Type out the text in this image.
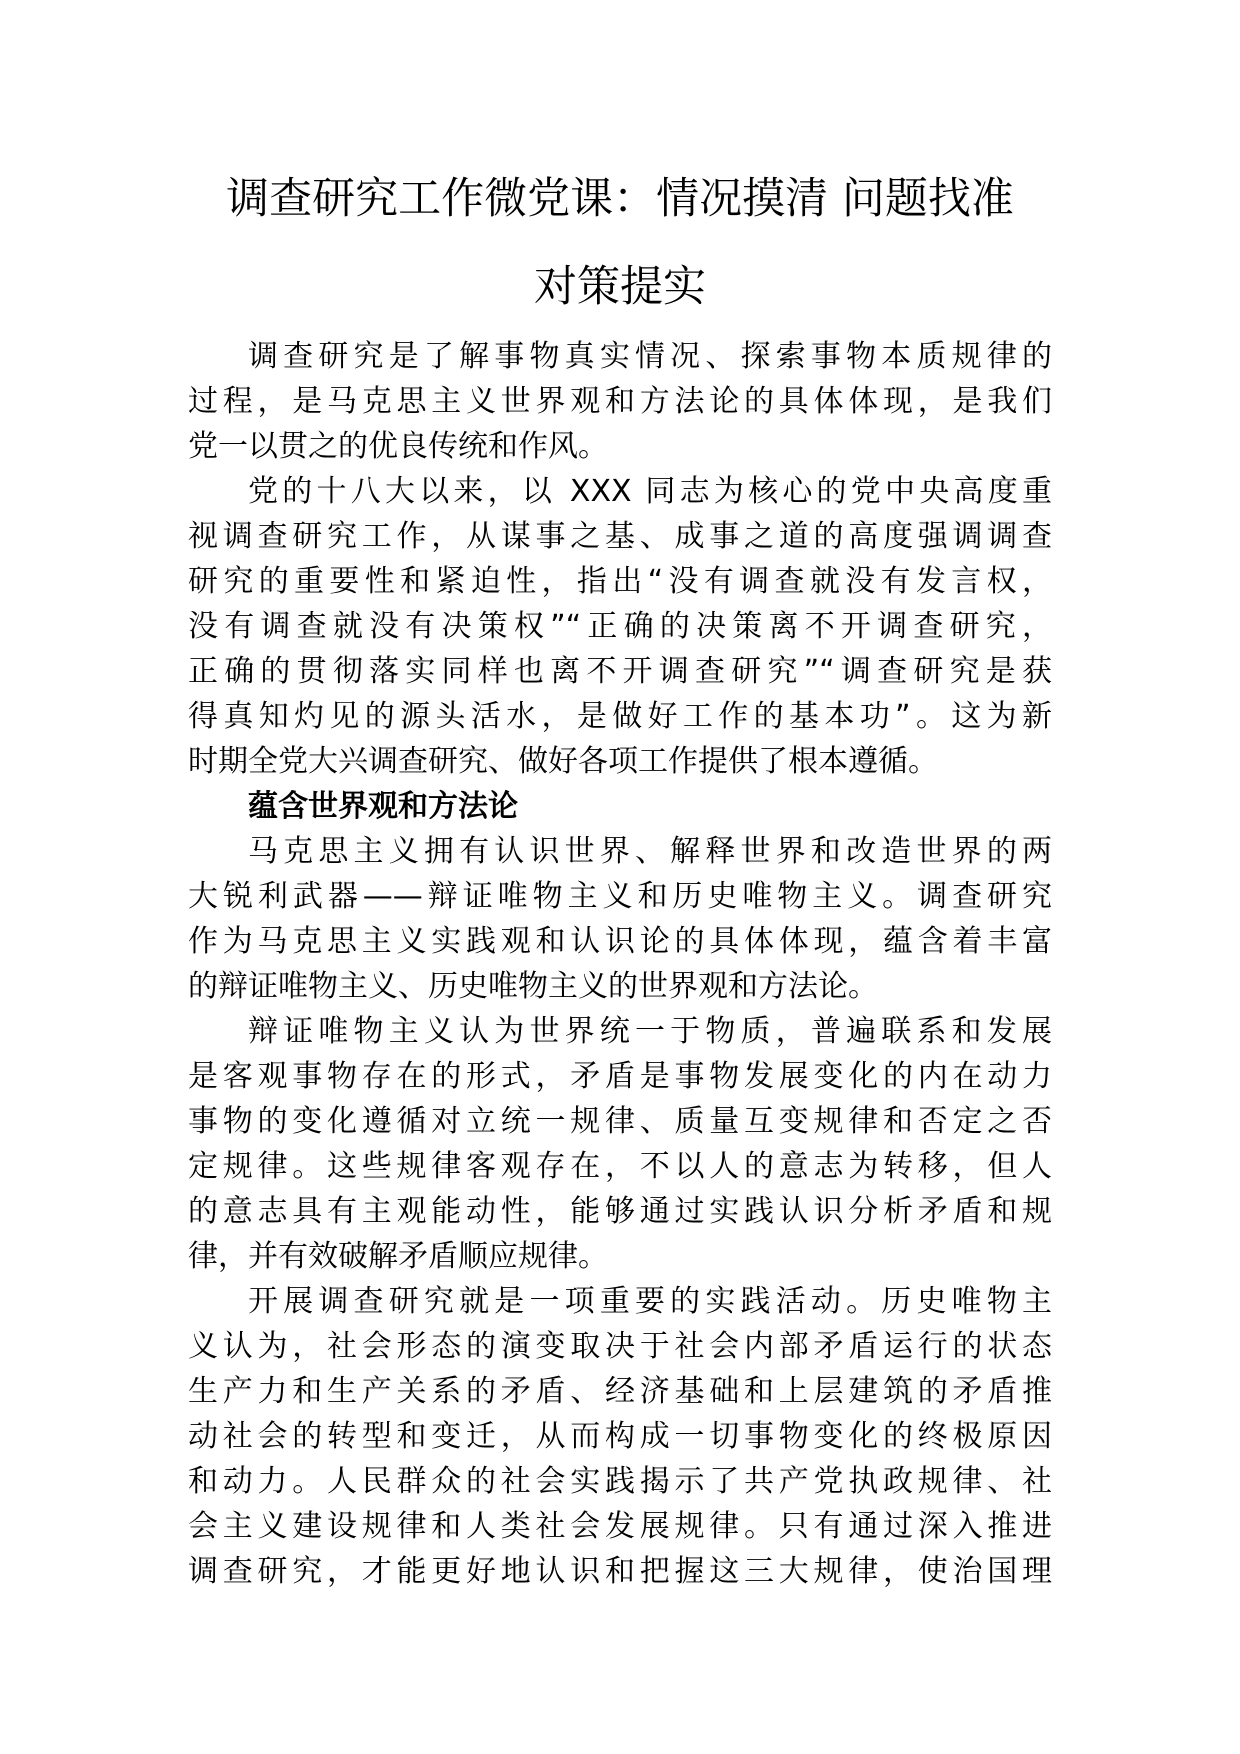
调查研究工作微党课：情况摸清 问题找准
对策提实
调查研究是了解事物真实情况、探索事物本质规律的
过程，是马克思主义世界观和方法论的具体体现，是我们
党一以贯之的优良传统和作风。
党的十八大以来，以 XXX 同志为核心的党中央高度重
视调查研究工作，从谋事之基、成事之道的高度强调调查
研究的重要性和紧迫性，指出“没有调查就没有发言权，
没有调查就没有决策权”“正确的决策离不开调查研究，
正确的贯彻落实同样也离不开调查研究”“调查研究是获
得真知灼见的源头活水，是做好工作的基本功”。这为新
时期全党大兴调查研究、做好各项工作提供了根本遵循。
蕴含世界观和方法论
马克思主义拥有认识世界、解释世界和改造世界的两
大锐利武器——辩证唯物主义和历史唯物主义。调查研究
作为马克思主义实践观和认识论的具体体现，蕴含着丰富
的辩证唯物主义、历史唯物主义的世界观和方法论。
辩证唯物主义认为世界统一于物质，普遍联系和发展
是客观事物存在的形式，矛盾是事物发展变化的内在动力
事物的变化遵循对立统一规律、质量互变规律和否定之否
定规律。这些规律客观存在，不以人的意志为转移，但人
的意志具有主观能动性，能够通过实践认识分析矛盾和规
律，并有效破解矛盾顺应规律。
开展调查研究就是一项重要的实践活动。历史唯物主
义认为，社会形态的演变取决于社会内部矛盾运行的状态
生产力和生产关系的矛盾、经济基础和上层建筑的矛盾推
动社会的转型和变迁，从而构成一切事物变化的终极原因
和动力。人民群众的社会实践揭示了共产党执政规律、社
会主义建设规律和人类社会发展规律。只有通过深入推进
调查研究，才能更好地认识和把握这三大规律，使治国理
